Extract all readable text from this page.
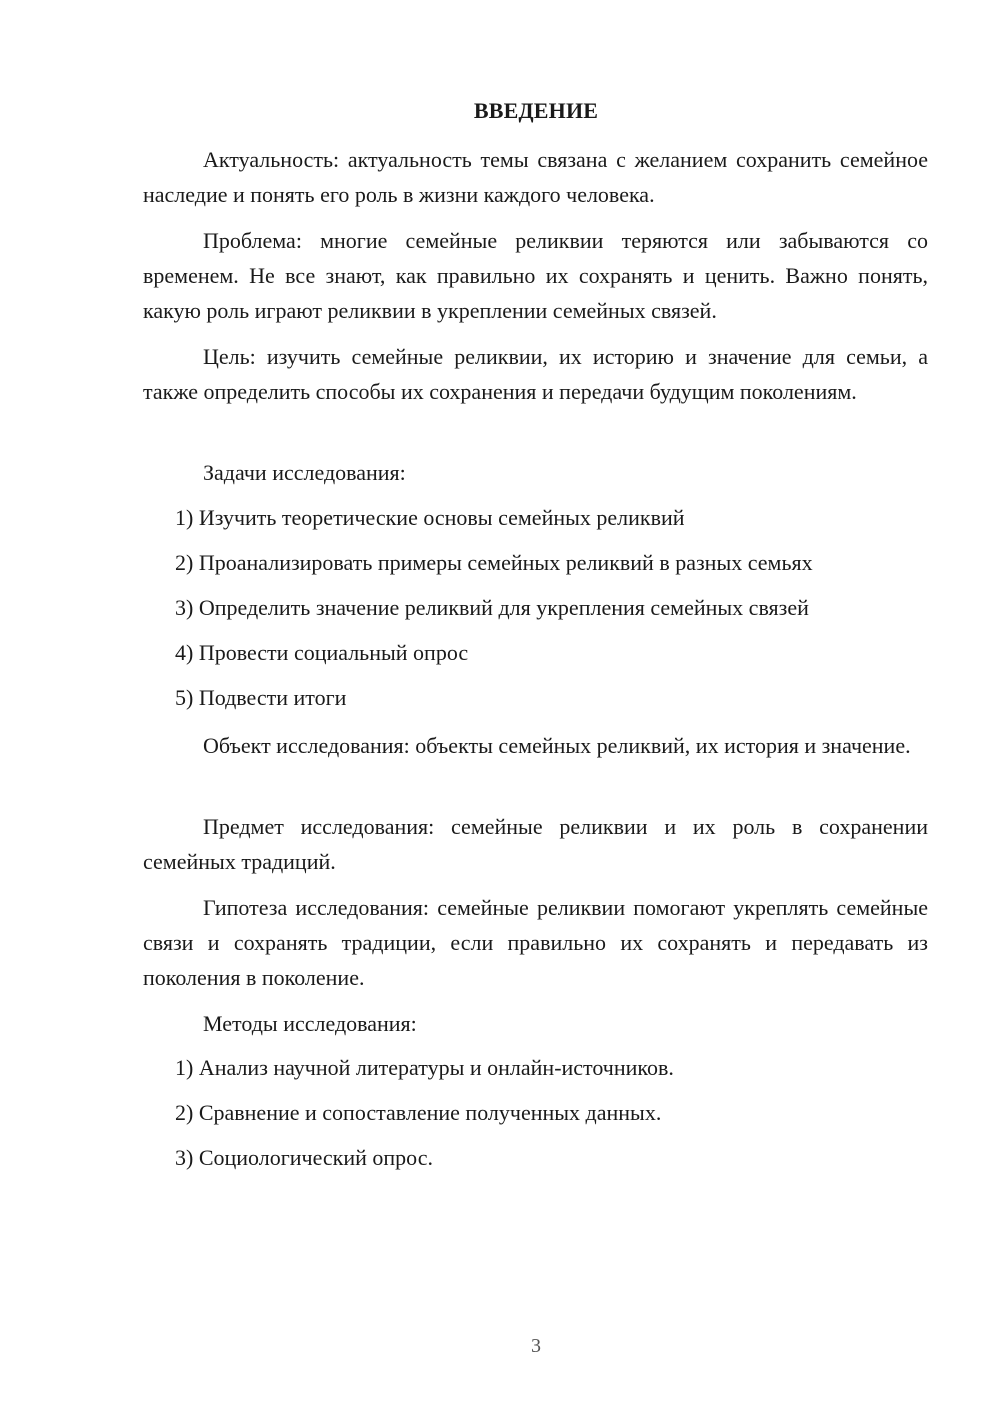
ВВЕДЕНИЕ

Актуальность: актуальность темы связана с желанием сохранить семейное наследие и понять его роль в жизни каждого человека.

Проблема: многие семейные реликвии теряются или забываются со временем. Не все знают, как правильно их сохранять и ценить. Важно понять, какую роль играют реликвии в укреплении семейных связей.

Цель: изучить семейные реликвии, их историю и значение для семьи, а также определить способы их сохранения и передачи будущим поколениям.

Задачи исследования:

1) Изучить теоретические основы семейных реликвий
2) Проанализировать примеры семейных реликвий в разных семьях
3) Определить значение реликвий для укрепления семейных связей
4) Провести социальный опрос
5) Подвести итоги

Объект исследования: объекты семейных реликвий, их история и значение.

Предмет исследования: семейные реликвии и их роль в сохранении семейных традиций.

Гипотеза исследования: семейные реликвии помогают укреплять семейные связи и сохранять традиции, если правильно их сохранять и передавать из поколения в поколение.

Методы исследования:

1) Анализ научной литературы и онлайн-источников.
2) Сравнение и сопоставление полученных данных.
3) Социологический опрос.
3
